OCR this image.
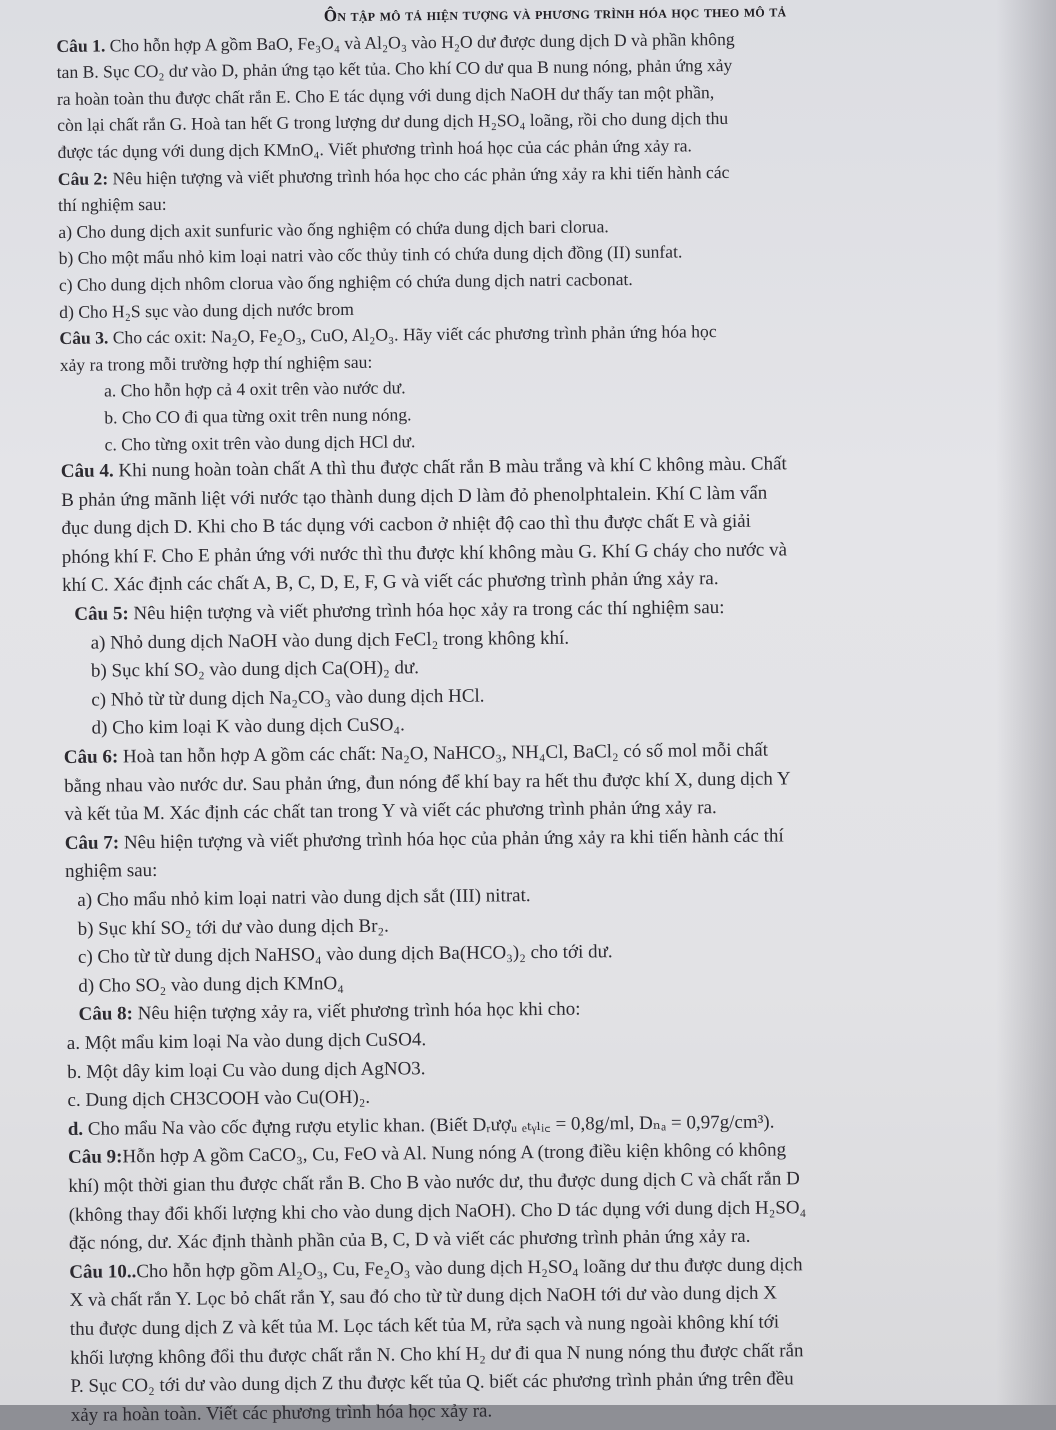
Ôn tập mô tả hiện tượng và phương trình hóa học theo mô tả
Câu 1. Cho hỗn hợp A gồm BaO, Fe₃O₄ và Al₂O₃ vào H₂O dư được dung dịch D và phần không
tan B. Sục CO₂ dư vào D, phản ứng tạo kết tủa. Cho khí CO dư qua B nung nóng, phản ứng xảy
ra hoàn toàn thu được chất rắn E. Cho E tác dụng với dung dịch NaOH dư thấy tan một phần,
còn lại chất rắn G. Hoà tan hết G trong lượng dư dung dịch H₂SO₄ loãng, rồi cho dung dịch thu
được tác dụng với dung dịch KMnO₄. Viết phương trình hoá học của các phản ứng xảy ra.
Câu 2: Nêu hiện tượng và viết phương trình hóa học cho các phản ứng xảy ra khi tiến hành các
thí nghiệm sau:
a) Cho dung dịch axit sunfuric vào ống nghiệm có chứa dung dịch bari clorua.
b) Cho một mẩu nhỏ kim loại natri vào cốc thủy tinh có chứa dung dịch đồng (II) sunfat.
c) Cho dung dịch nhôm clorua vào ống nghiệm có chứa dung dịch natri cacbonat.
d) Cho H₂S sục vào dung dịch nước brom
Câu 3. Cho các oxit: Na₂O, Fe₂O₃, CuO, Al₂O₃. Hãy viết các phương trình phản ứng hóa học
xảy ra trong mỗi trường hợp thí nghiệm sau:
a. Cho hỗn hợp cả 4 oxit trên vào nước dư.
b. Cho CO đi qua từng oxit trên nung nóng.
c. Cho từng oxit trên vào dung dịch HCl dư.
Câu 4. Khi nung hoàn toàn chất A thì thu được chất rắn B màu trắng và khí C không màu. Chất
B phản ứng mãnh liệt với nước tạo thành dung dịch D làm đỏ phenolphtalein. Khí C làm vẩn
đục dung dịch D. Khi cho B tác dụng với cacbon ở nhiệt độ cao thì thu được chất E và giải
phóng khí F. Cho E phản ứng với nước thì thu được khí không màu G. Khí G cháy cho nước và
khí C. Xác định các chất A, B, C, D, E, F, G và viết các phương trình phản ứng xảy ra.
Câu 5: Nêu hiện tượng và viết phương trình hóa học xảy ra trong các thí nghiệm sau:
a) Nhỏ dung dịch NaOH vào dung dịch FeCl₂ trong không khí.
b) Sục khí SO₂ vào dung dịch Ca(OH)₂ dư.
c) Nhỏ từ từ dung dịch Na₂CO₃ vào dung dịch HCl.
d) Cho kim loại K vào dung dịch CuSO₄.
Câu 6: Hoà tan hỗn hợp A gồm các chất: Na₂O, NaHCO₃, NH₄Cl, BaCl₂ có số mol mỗi chất
bằng nhau vào nước dư. Sau phản ứng, đun nóng để khí bay ra hết thu được khí X, dung dịch Y
và kết tủa M. Xác định các chất tan trong Y và viết các phương trình phản ứng xảy ra.
Câu 7: Nêu hiện tượng và viết phương trình hóa học của phản ứng xảy ra khi tiến hành các thí
nghiệm sau:
a) Cho mẩu nhỏ kim loại natri vào dung dịch sắt (III) nitrat.
b) Sục khí SO₂ tới dư vào dung dịch Br₂.
c) Cho từ từ dung dịch NaHSO₄ vào dung dịch Ba(HCO₃)₂ cho tới dư.
d) Cho SO₂ vào dung dịch KMnO₄
Câu 8: Nêu hiện tượng xảy ra, viết phương trình hóa học khi cho:
a. Một mẩu kim loại Na vào dung dịch CuSO4.
b. Một dây kim loại Cu vào dung dịch AgNO3.
c. Dung dịch CH3COOH vào Cu(OH)₂.
d. Cho mẩu Na vào cốc đựng rượu etylic khan. (Biết Dᵣượᵤ ₑₜᵧₗᵢ꜀ = 0,8g/ml, Dₙₐ = 0,97g/cm³).
Câu 9:Hỗn hợp A gồm CaCO₃, Cu, FeO và Al. Nung nóng A (trong điều kiện không có không
khí) một thời gian thu được chất rắn B. Cho B vào nước dư, thu được dung dịch C và chất rắn D
(không thay đổi khối lượng khi cho vào dung dịch NaOH). Cho D tác dụng với dung dịch H₂SO₄
đặc nóng, dư. Xác định thành phần của B, C, D và viết các phương trình phản ứng xảy ra.
Câu 10..Cho hỗn hợp gồm Al₂O₃, Cu, Fe₂O₃ vào dung dịch H₂SO₄ loãng dư thu được dung dịch
X và chất rắn Y. Lọc bỏ chất rắn Y, sau đó cho từ từ dung dịch NaOH tới dư vào dung dịch X
thu được dung dịch Z và kết tủa M. Lọc tách kết tủa M, rửa sạch và nung ngoài không khí tới
khối lượng không đổi thu được chất rắn N. Cho khí H₂ dư đi qua N nung nóng thu được chất rắn
P. Sục CO₂ tới dư vào dung dịch Z thu được kết tủa Q. biết các phương trình phản ứng trên đều
xảy ra hoàn toàn. Viết các phương trình hóa học xảy ra.
